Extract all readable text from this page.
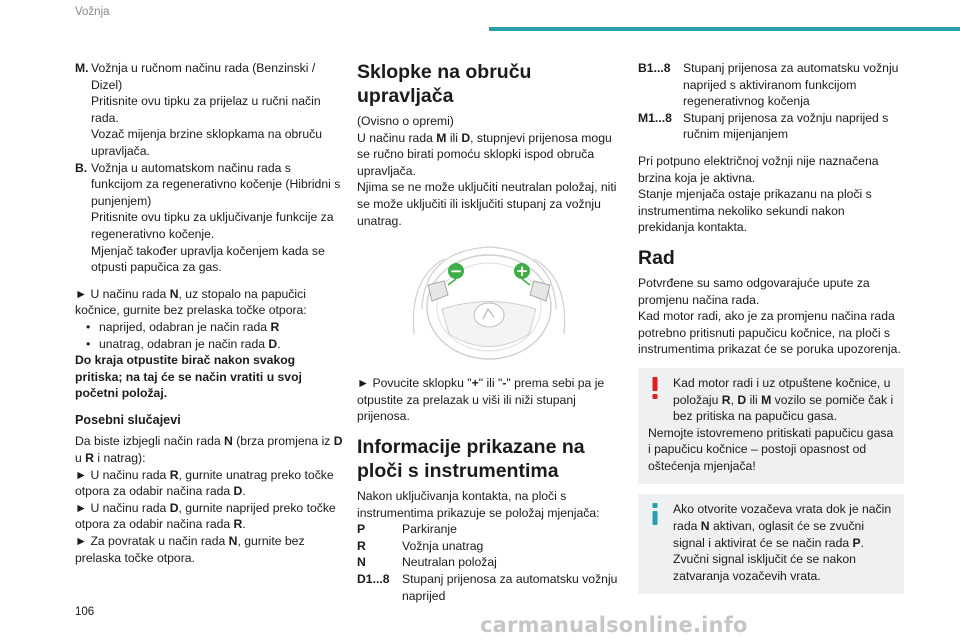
Vožnja
M. Vožnja u ručnom načinu rada (Benzinski / Dizel)
Pritisnite ovu tipku za prijelaz u ručni način rada.
Vozač mijenja brzine sklopkama na obruču upravljača.
B. Vožnja u automatskom načinu rada s funkcijom za regenerativno kočenje (Hibridni s punjenjem)
Pritisnite ovu tipku za uključivanje funkcije za regenerativno kočenje.
Mjenjač također upravlja kočenjem kada se otpusti papučica za gas.

► U načinu rada N, uz stopalo na papučici kočnice, gurnite bez prelaska točke otpora:

• naprijed, odabran je način rada R
• unatrag, odabran je način rada D.

Do kraja otpustite birač nakon svakog pritiska; na taj će se način vratiti u svoj početni položaj.

Posebni slučajevi

Da biste izbjegli način rada N (brza promjena iz D u R i natrag):

► U načinu rada R, gurnite unatrag preko točke otpora za odabir načina rada D.

► U načinu rada D, gurnite naprijed preko točke otpora za odabir načina rada R.

► Za povratak u način rada N, gurnite bez prelaska točke otpora.

Sklopke na obruču upravljača

(Ovisno o opremi)

U načinu rada M ili D, stupnjevi prijenosa mogu se ručno birati pomoću sklopki ispod obruča upravljača.

Njima se ne može uključiti neutralan položaj, niti se može uključiti ili isključiti stupanj za vožnju unatrag.

−	+

► Povucite sklopku "+" ili "-" prema sebi pa je otpustite za prelazak u viši ili niži stupanj prijenosa.

Informacije prikazane na ploči s instrumentima

Nakon uključivanja kontakta, na ploči s instrumentima prikazuje se položaj mjenjača:

P	Parkiranje
R	Vožnja unatrag
N	Neutralan položaj
D1...8	Stupanj prijenosa za automatsku vožnju naprijed
B1...8	Stupanj prijenosa za automatsku vožnju naprijed s aktiviranom funkcijom regenerativnog kočenja
M1...8 Stupanj prijenosa za vožnju naprijed s ručnim mijenjanjem

Pri potpuno električnoj vožnji nije naznačena brzina koja je aktivna.
Stanje mjenjača ostaje prikazanu na ploči s instrumentima nekoliko sekundi nakon prekidanja kontakta.

Rad

Potvrđene su samo odgovarajuće upute za promjenu načina rada.
Kad motor radi, ako je za promjenu načina rada potrebno pritisnuti papučicu kočnice, na ploči s instrumentima prikazat će se poruka upozorenja.

Kad motor radi i uz otpuštene kočnice, u položaju R, D ili M vozilo se pomiče čak i bez pritiska na papučicu gasa.

Nemojte istovremeno pritiskati papučicu gasa i papučicu kočnice – postoji opasnost od oštećenja mjenjača!

Ako otvorite vozačeva vrata dok je način rada N aktivan, oglasit će se zvučni signal i aktivirat će se način rada P. Zvučni signal isključit će se nakon zatvaranja vozačevih vrata.

106
carmanualsonline.info
